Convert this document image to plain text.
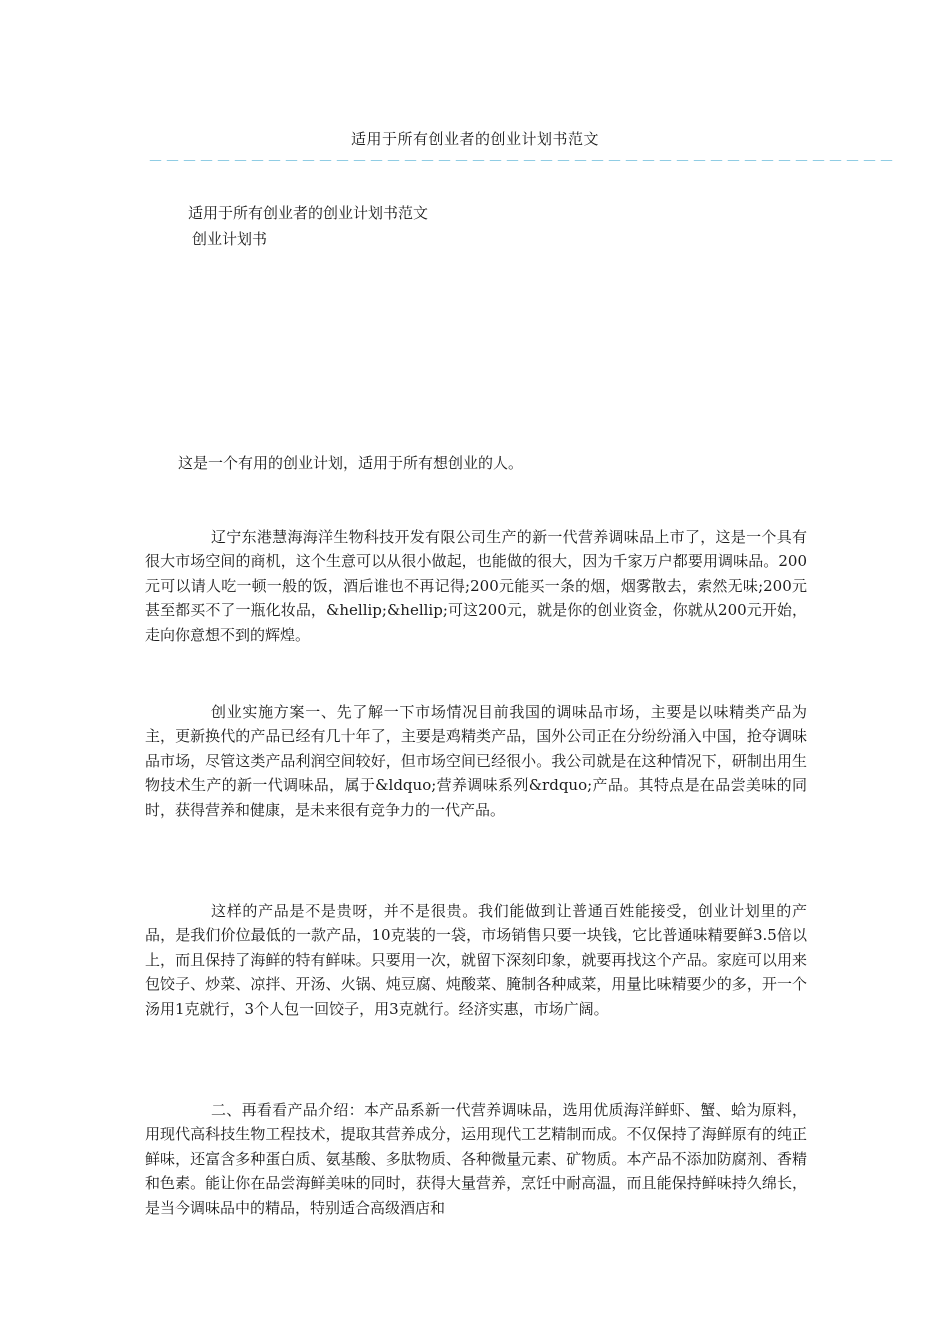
适用于所有创业者的创业计划书范文
－－－－－－－－－－－－－－－－－－－－－－－－－－－－－－－－－－－－－－－－－－－－
适用于所有创业者的创业计划书范文
创业计划书
这是一个有用的创业计划，适用于所有想创业的人。

辽宁东港慧海海洋生物科技开发有限公司生产的新一代营养调味品上市了，这是一个具有很大市场空间的商机，这个生意可以从很小做起，也能做的很大，因为千家万户都要用调味品。200元可以请人吃一顿一般的饭，酒后谁也不再记得;200元能买一条的烟，烟雾散去，索然无味;200元甚至都买不了一瓶化妆品，&hellip;&hellip;可这200元，就是你的创业资金，你就从200元开始，走向你意想不到的辉煌。

创业实施方案一、先了解一下市场情况目前我国的调味品市场，主要是以味精类产品为主，更新换代的产品已经有几十年了，主要是鸡精类产品，国外公司正在分纷纷涌入中国，抢夺调味品市场，尽管这类产品利润空间较好，但市场空间已经很小。我公司就是在这种情况下，研制出用生物技术生产的新一代调味品，属于&ldquo;营养调味系列&rdquo;产品。其特点是在品尝美味的同时，获得营养和健康，是未来很有竞争力的一代产品。

这样的产品是不是贵呀，并不是很贵。我们能做到让普通百姓能接受，创业计划里的产品，是我们价位最低的一款产品，10克装的一袋，市场销售只要一块钱，它比普通味精要鲜3.5倍以上，而且保持了海鲜的特有鲜味。只要用一次，就留下深刻印象，就要再找这个产品。家庭可以用来包饺子、炒菜、凉拌、开汤、火锅、炖豆腐、炖酸菜、腌制各种咸菜，用量比味精要少的多，开一个汤用1克就行，3个人包一回饺子，用3克就行。经济实惠，市场广阔。

二、再看看产品介绍：本产品系新一代营养调味品，选用优质海洋鲜虾、蟹、蛤为原料，用现代高科技生物工程技术，提取其营养成分，运用现代工艺精制而成。不仅保持了海鲜原有的纯正鲜味，还富含多种蛋白质、氨基酸、多肽物质、各种微量元素、矿物质。本产品不添加防腐剂、香精和色素。能让你在品尝海鲜美味的同时，获得大量营养，烹饪中耐高温，而且能保持鲜味持久绵长，是当今调味品中的精品，特别适合高级酒店和
